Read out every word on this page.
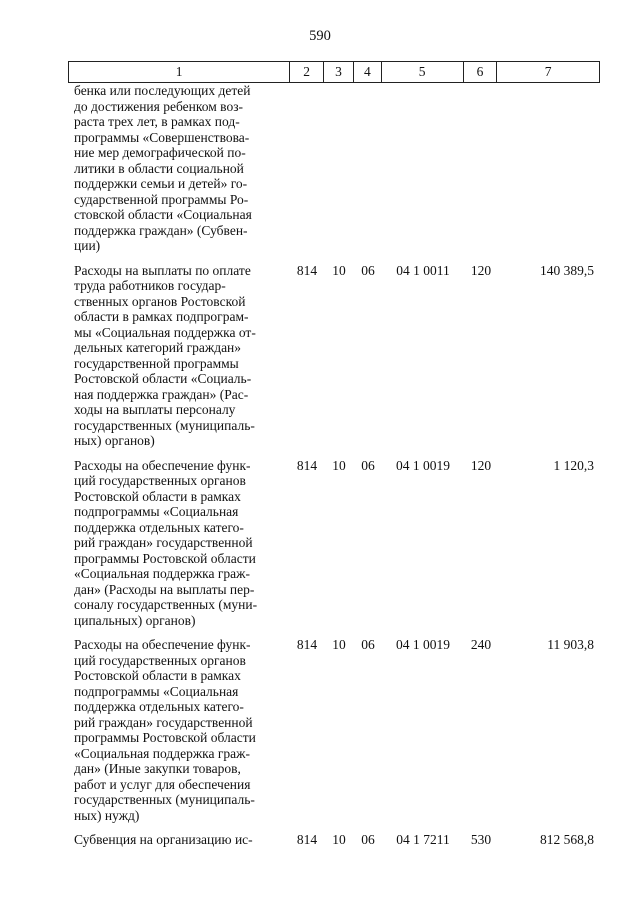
590
1	2	3	4	5	6	7
бенка или последующих детей
до достижения ребенком воз-
раста трех лет, в рамках под-
программы «Совершенствова-
ние мер демографической по-
литики в области социальной
поддержки семьи и детей» го-
сударственной программы Ро-
стовской области «Социальная
поддержка граждан» (Субвен-
ции)
Расходы на выплаты по оплате
труда работников государ-
ственных органов Ростовской
области в рамках подпрограм-
мы «Социальная поддержка от-
дельных категорий граждан»
государственной программы
Ростовской области «Социаль-
ная поддержка граждан» (Рас-
ходы на выплаты персоналу
государственных (муниципаль-
ных) органов)
814	10	06	04 1 0011	120	140 389,5
Расходы на обеспечение функ-
ций государственных органов
Ростовской области в рамках
подпрограммы «Социальная
поддержка отдельных катего-
рий граждан» государственной
программы Ростовской области
«Социальная поддержка граж-
дан» (Расходы на выплаты пер-
соналу государственных (муни-
ципальных) органов)
814	10	06	04 1 0019	120	1 120,3
Расходы на обеспечение функ-
ций государственных органов
Ростовской области в рамках
подпрограммы «Социальная
поддержка отдельных катего-
рий граждан» государственной
программы Ростовской области
«Социальная поддержка граж-
дан» (Иные закупки товаров,
работ и услуг для обеспечения
государственных (муниципаль-
ных) нужд)
814	10	06	04 1 0019	240	11 903,8
Субвенция на организацию ис-	814	10	06	04 1 7211	530	812 568,8
